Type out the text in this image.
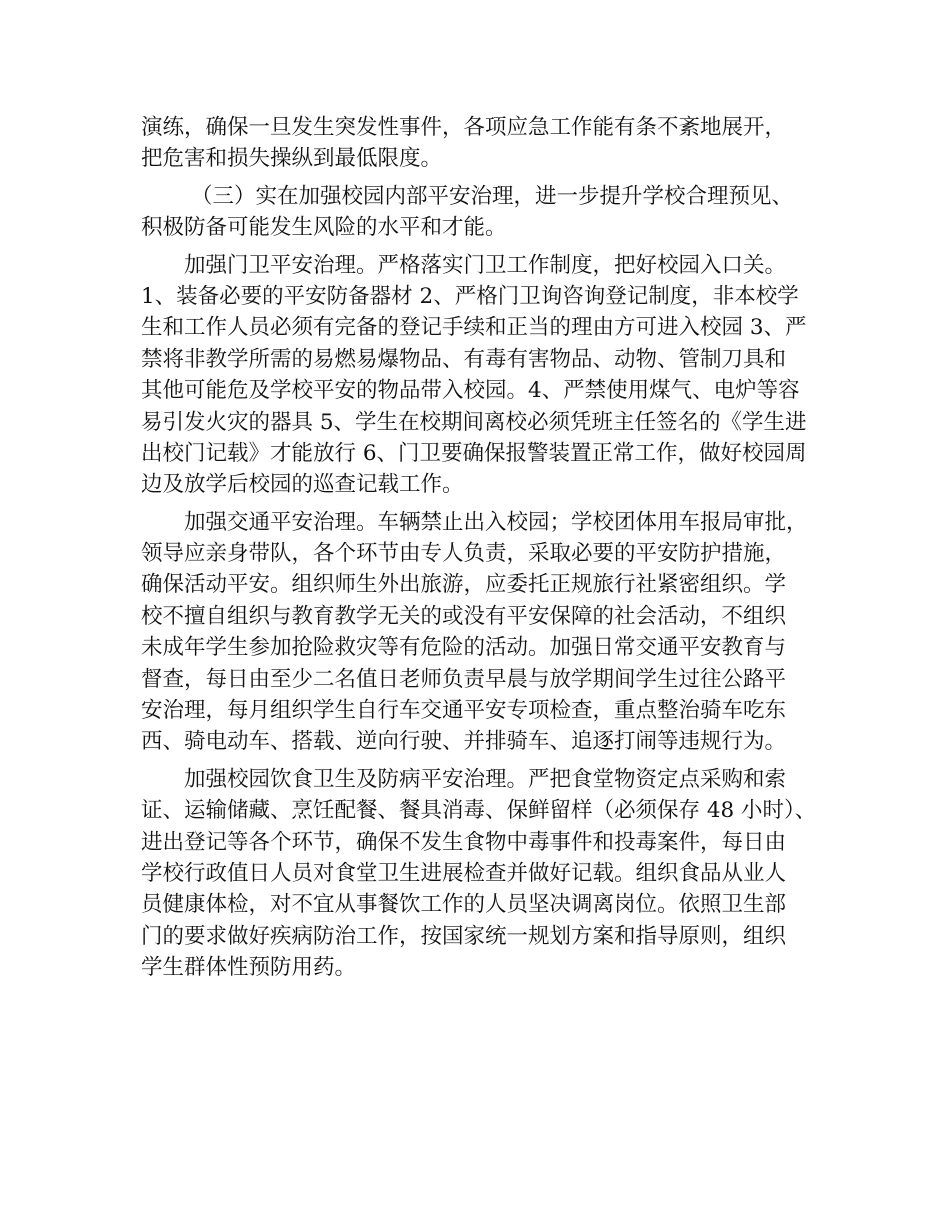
演练，确保一旦发生突发性事件，各项应急工作能有条不紊地展开，
把危害和损失操纵到最低限度。
（三）实在加强校园内部平安治理，进一步提升学校合理预见、
积极防备可能发生风险的水平和才能。
加强门卫平安治理。严格落实门卫工作制度，把好校园入口关。
1、装备必要的平安防备器材 2、严格门卫询咨询登记制度，非本校学
生和工作人员必须有完备的登记手续和正当的理由方可进入校园 3、严
禁将非教学所需的易燃易爆物品、有毒有害物品、动物、管制刀具和
其他可能危及学校平安的物品带入校园。4、严禁使用煤气、电炉等容
易引发火灾的器具 5、学生在校期间离校必须凭班主任签名的《学生进
出校门记载》才能放行 6、门卫要确保报警装置正常工作，做好校园周
边及放学后校园的巡查记载工作。
加强交通平安治理。车辆禁止出入校园；学校团体用车报局审批，
领导应亲身带队，各个环节由专人负责，采取必要的平安防护措施，
确保活动平安。组织师生外出旅游，应委托正规旅行社紧密组织。学
校不擅自组织与教育教学无关的或没有平安保障的社会活动，不组织
未成年学生参加抢险救灾等有危险的活动。加强日常交通平安教育与
督查，每日由至少二名值日老师负责早晨与放学期间学生过往公路平
安治理，每月组织学生自行车交通平安专项检查，重点整治骑车吃东
西、骑电动车、搭载、逆向行驶、并排骑车、追逐打闹等违规行为。
加强校园饮食卫生及防病平安治理。严把食堂物资定点采购和索
证、运输储藏、烹饪配餐、餐具消毒、保鲜留样（必须保存 48 小时）、
进出登记等各个环节，确保不发生食物中毒事件和投毒案件，每日由
学校行政值日人员对食堂卫生进展检查并做好记载。组织食品从业人
员健康体检，对不宜从事餐饮工作的人员坚决调离岗位。依照卫生部
门的要求做好疾病防治工作，按国家统一规划方案和指导原则，组织
学生群体性预防用药。
